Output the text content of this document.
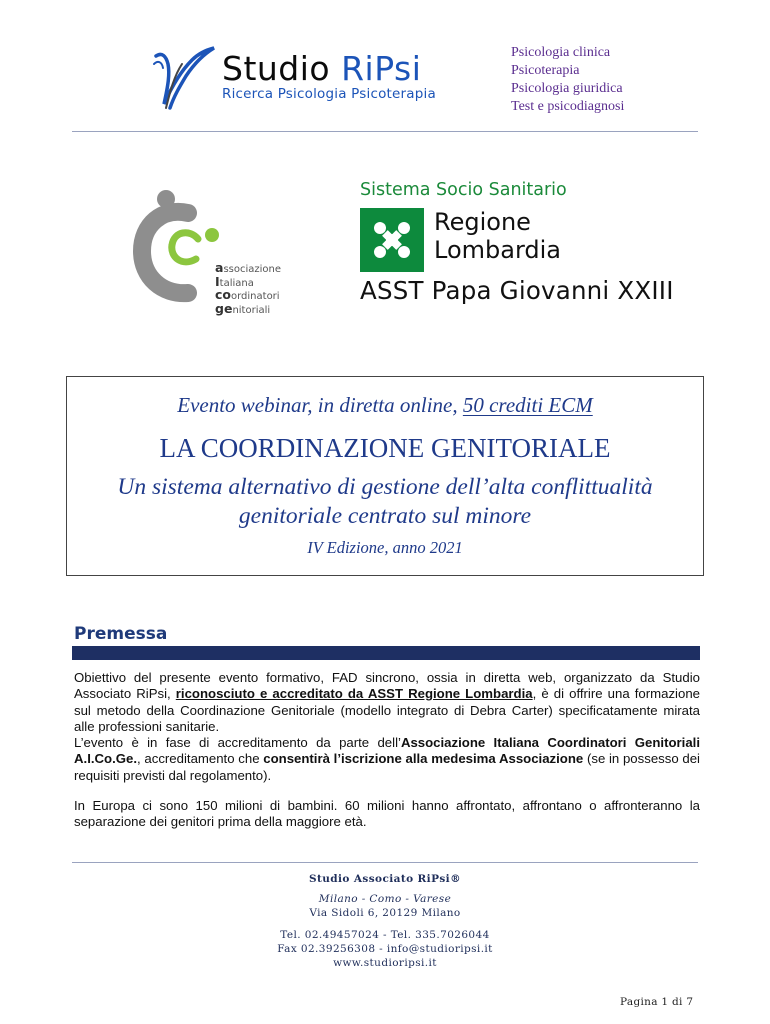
Studio RiPsi
Ricerca Psicologia Psicoterapia
Psicologia clinica
Psicoterapia
Psicologia giuridica
Test e psicodiagnosi
associazione
Italiana
coordinatori
genitoriali
Sistema Socio Sanitario
Regione
Lombardia
ASST Papa Giovanni XXIII
Evento webinar, in diretta online, 50 crediti ECM
LA COORDINAZIONE GENITORIALE
Un sistema alternativo di gestione dell’alta conflittualità
genitoriale centrato sul minore
IV Edizione, anno 2021
Premessa

Obiettivo del presente evento formativo, FAD sincrono, ossia in diretta web, organizzato da Studio Associato RiPsi, riconosciuto e accreditato da ASST Regione Lombardia, è di offrire una formazione sul metodo della Coordinazione Genitoriale (modello integrato di Debra Carter) specificatamente mirata alle professioni sanitarie.

L’evento è in fase di accreditamento da parte dell’Associazione Italiana Coordinatori Genitoriali A.I.Co.Ge., accreditamento che consentirà l’iscrizione alla medesima Associazione (se in possesso dei requisiti previsti dal regolamento).

In Europa ci sono 150 milioni di bambini. 60 milioni hanno affrontato, affrontano o affronteranno la separazione dei genitori prima della maggiore età.

Studio Associato RiPsi®
Milano - Como - Varese
Via Sidoli 6, 20129 Milano
Tel. 02.49457024 - Tel. 335.7026044
Fax 02.39256308 - info@studioripsi.it
www.studioripsi.it
Pagina 1 di 7
